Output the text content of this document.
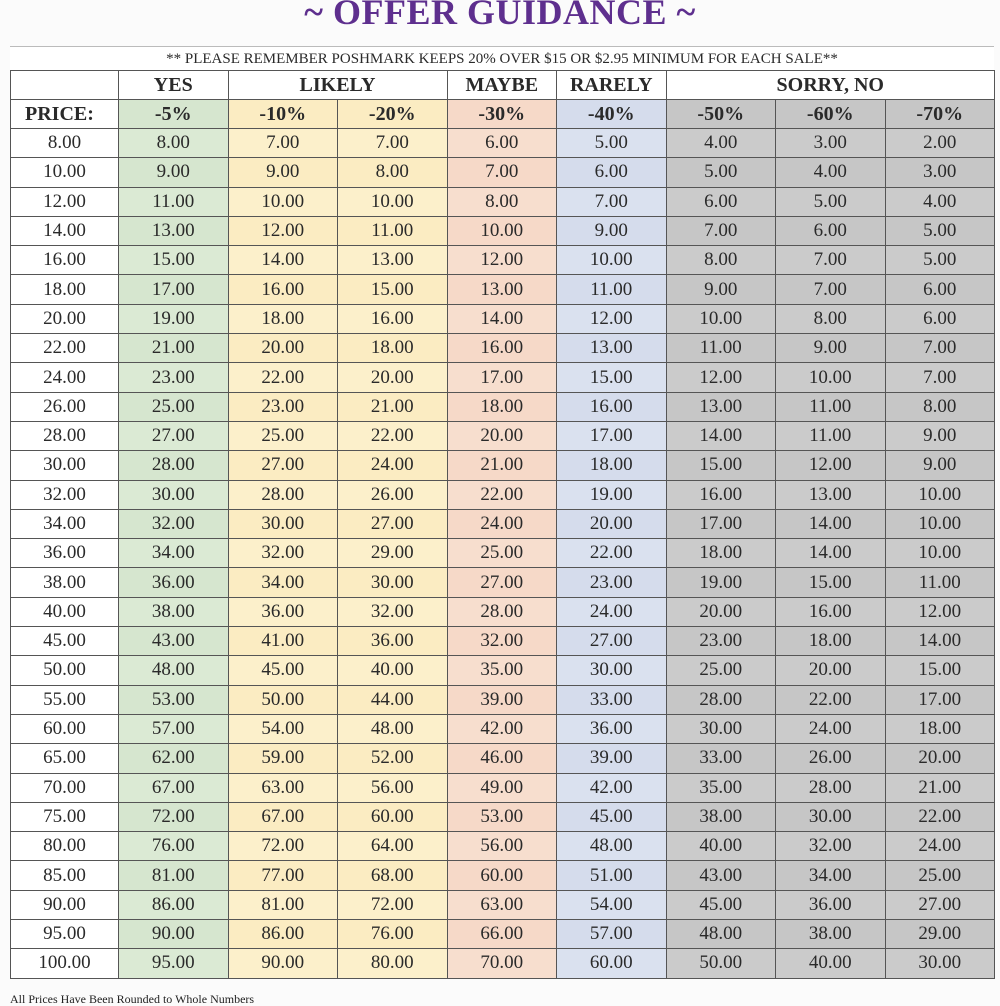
~ OFFER GUIDANCE ~
** PLEASE REMEMBER POSHMARK KEEPS 20% OVER $15 OR $2.95 MINIMUM FOR EACH SALE**
	YES	LIKELY		MAYBE	RARELY	SORRY, NO		
PRICE:	-5%	-10%	-20%	-30%	-40%	-50%	-60%	-70%
8.00	8.00	7.00	7.00	6.00	5.00	4.00	3.00	2.00
10.00	9.00	9.00	8.00	7.00	6.00	5.00	4.00	3.00
12.00	11.00	10.00	10.00	8.00	7.00	6.00	5.00	4.00
14.00	13.00	12.00	11.00	10.00	9.00	7.00	6.00	5.00
16.00	15.00	14.00	13.00	12.00	10.00	8.00	7.00	5.00
18.00	17.00	16.00	15.00	13.00	11.00	9.00	7.00	6.00
20.00	19.00	18.00	16.00	14.00	12.00	10.00	8.00	6.00
22.00	21.00	20.00	18.00	16.00	13.00	11.00	9.00	7.00
24.00	23.00	22.00	20.00	17.00	15.00	12.00	10.00	7.00
26.00	25.00	23.00	21.00	18.00	16.00	13.00	11.00	8.00
28.00	27.00	25.00	22.00	20.00	17.00	14.00	11.00	9.00
30.00	28.00	27.00	24.00	21.00	18.00	15.00	12.00	9.00
32.00	30.00	28.00	26.00	22.00	19.00	16.00	13.00	10.00
34.00	32.00	30.00	27.00	24.00	20.00	17.00	14.00	10.00
36.00	34.00	32.00	29.00	25.00	22.00	18.00	14.00	10.00
38.00	36.00	34.00	30.00	27.00	23.00	19.00	15.00	11.00
40.00	38.00	36.00	32.00	28.00	24.00	20.00	16.00	12.00
45.00	43.00	41.00	36.00	32.00	27.00	23.00	18.00	14.00
50.00	48.00	45.00	40.00	35.00	30.00	25.00	20.00	15.00
55.00	53.00	50.00	44.00	39.00	33.00	28.00	22.00	17.00
60.00	57.00	54.00	48.00	42.00	36.00	30.00	24.00	18.00
65.00	62.00	59.00	52.00	46.00	39.00	33.00	26.00	20.00
70.00	67.00	63.00	56.00	49.00	42.00	35.00	28.00	21.00
75.00	72.00	67.00	60.00	53.00	45.00	38.00	30.00	22.00
80.00	76.00	72.00	64.00	56.00	48.00	40.00	32.00	24.00
85.00	81.00	77.00	68.00	60.00	51.00	43.00	34.00	25.00
90.00	86.00	81.00	72.00	63.00	54.00	45.00	36.00	27.00
95.00	90.00	86.00	76.00	66.00	57.00	48.00	38.00	29.00
100.00	95.00	90.00	80.00	70.00	60.00	50.00	40.00	30.00
All Prices Have Been Rounded to Whole Numbers
